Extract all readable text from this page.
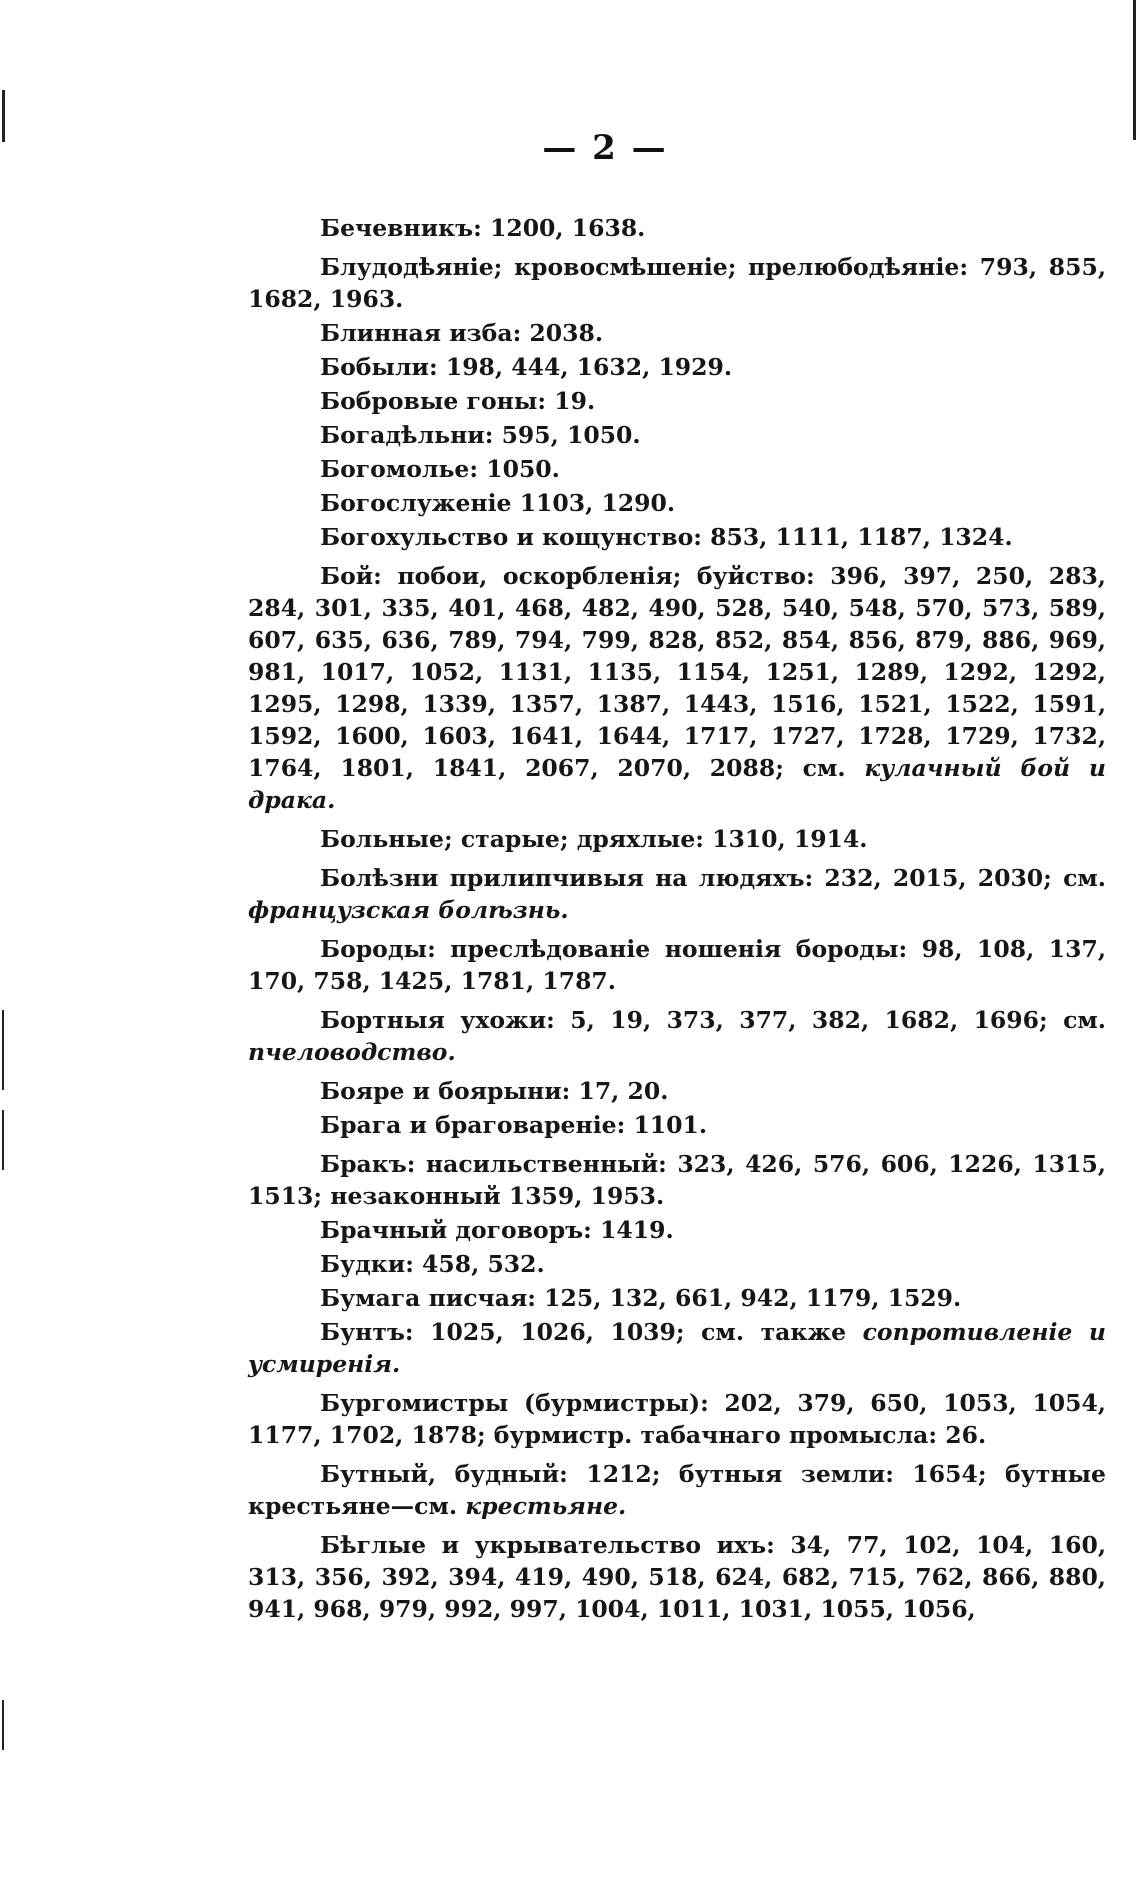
— 2 —

Бечевникъ: 1200, 1638.

Блудодѣяніе; кровосмѣшеніе; прелюбодѣяніе: 793, 855, 1682, 1963.

Блинная изба: 2038.

Бобыли: 198, 444, 1632, 1929.

Бобровые гоны: 19.

Богадѣльни: 595, 1050.

Богомолье: 1050.

Богослуженіе 1103, 1290.

Богохульство и кощунство: 853, 1111, 1187, 1324.

Бой: побои, оскорбленія; буйство: 396, 397, 250, 283, 284, 301, 335, 401, 468, 482, 490, 528, 540, 548, 570, 573, 589, 607, 635, 636, 789, 794, 799, 828, 852, 854, 856, 879, 886, 969, 981, 1017, 1052, 1131, 1135, 1154, 1251, 1289, 1292, 1292, 1295, 1298, 1339, 1357, 1387, 1443, 1516, 1521, 1522, 1591, 1592, 1600, 1603, 1641, 1644, 1717, 1727, 1728, 1729, 1732, 1764, 1801, 1841, 2067, 2070, 2088; см. кулачный бой и драка.

Больные; старые; дряхлые: 1310, 1914.

Болѣзни прилипчивыя на людяхъ: 232, 2015, 2030; см. французская болѣзнь.

Бороды: преслѣдованіе ношенія бороды: 98, 108, 137, 170, 758, 1425, 1781, 1787.

Бортныя ухожи: 5, 19, 373, 377, 382, 1682, 1696; см. пчеловодство.

Бояре и боярыни: 17, 20.

Брага и браговареніе: 1101.

Бракъ: насильственный: 323, 426, 576, 606, 1226, 1315, 1513; незаконный 1359, 1953.

Брачный договоръ: 1419.

Будки: 458, 532.

Бумага писчая: 125, 132, 661, 942, 1179, 1529.

Бунтъ: 1025, 1026, 1039; см. также сопротивленіе и усмиренія.

Бургомистры (бурмистры): 202, 379, 650, 1053, 1054, 1177, 1702, 1878; бурмистр. табачнаго промысла: 26.

Бутный, будный: 1212; бутныя земли: 1654; бутные крестьяне—см. крестьяне.

Бѣглые и укрывательство ихъ: 34, 77, 102, 104, 160, 313, 356, 392, 394, 419, 490, 518, 624, 682, 715, 762, 866, 880, 941, 968, 979, 992, 997, 1004, 1011, 1031, 1055, 1056,
